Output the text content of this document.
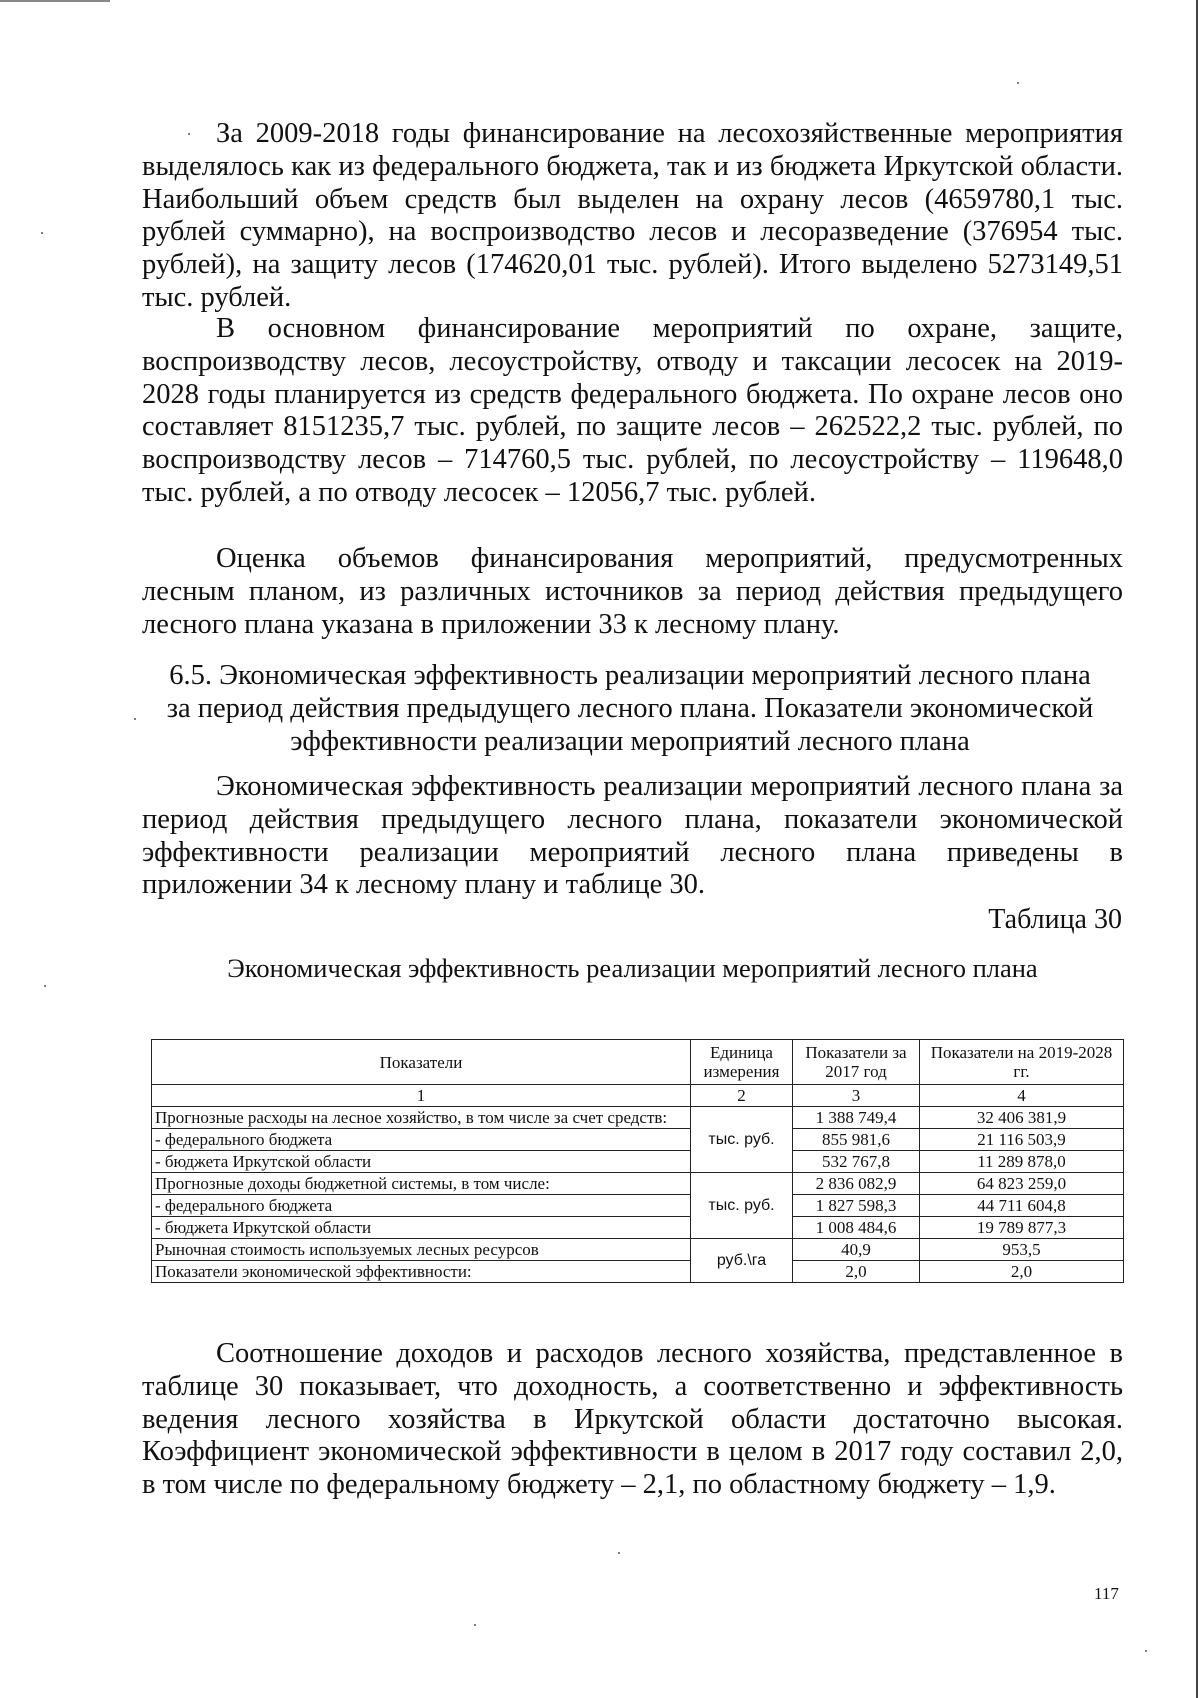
За 2009-2018 годы финансирование на лесохозяйственные мероприятия выделялось как из федерального бюджета, так и из бюджета Иркутской области. Наибольший объем средств был выделен на охрану лесов (4659780,1 тыс. рублей суммарно), на воспроизводство лесов и лесоразведение (376954 тыс. рублей), на защиту лесов (174620,01 тыс. рублей). Итого выделено 5273149,51 тыс. рублей.

В основном финансирование мероприятий по охране, защите, воспроизводству лесов, лесоустройству, отводу и таксации лесосек на 2019-2028 годы планируется из средств федерального бюджета. По охране лесов оно составляет 8151235,7 тыс. рублей, по защите лесов – 262522,2 тыс. рублей, по воспроизводству лесов – 714760,5 тыс. рублей, по лесоустройству – 119648,0 тыс. рублей, а по отводу лесосек – 12056,7 тыс. рублей.

Оценка объемов финансирования мероприятий, предусмотренных лесным планом, из различных источников за период действия предыдущего лесного плана указана в приложении 33 к лесному плану.

6.5. Экономическая эффективность реализации мероприятий лесного плана
за период действия предыдущего лесного плана. Показатели экономической
эффективности реализации мероприятий лесного плана

Экономическая эффективность реализации мероприятий лесного плана за период действия предыдущего лесного плана, показатели экономической эффективности реализации мероприятий лесного плана приведены в приложении 34 к лесному плану и таблице 30.

Таблица 30
Экономическая эффективность реализации мероприятий лесного плана
Показатели	Единица измерения	Показатели за 2017 год	Показатели на 2019-2028 гг.
1	2	3	4
Прогнозные расходы на лесное хозяйство, в том числе за счет средств:	тыс. руб.	1 388 749,4	32 406 381,9
- федерального бюджета		855 981,6	21 116 503,9
- бюджета Иркутской области		532 767,8	11 289 878,0
Прогнозные доходы бюджетной системы, в том числе:	тыс. руб.	2 836 082,9	64 823 259,0
- федерального бюджета		1 827 598,3	44 711 604,8
- бюджета Иркутской области		1 008 484,6	19 789 877,3
Рыночная стоимость используемых лесных ресурсов	руб.\га	40,9	953,5
Показатели экономической эффективности:		2,0	2,0

Соотношение доходов и расходов лесного хозяйства, представленное в таблице 30 показывает, что доходность, а соответственно и эффективность ведения лесного хозяйства в Иркутской области достаточно высокая. Коэффициент экономической эффективности в целом в 2017 году составил 2,0, в том числе по федеральному бюджету – 2,1, по областному бюджету – 1,9.

117
